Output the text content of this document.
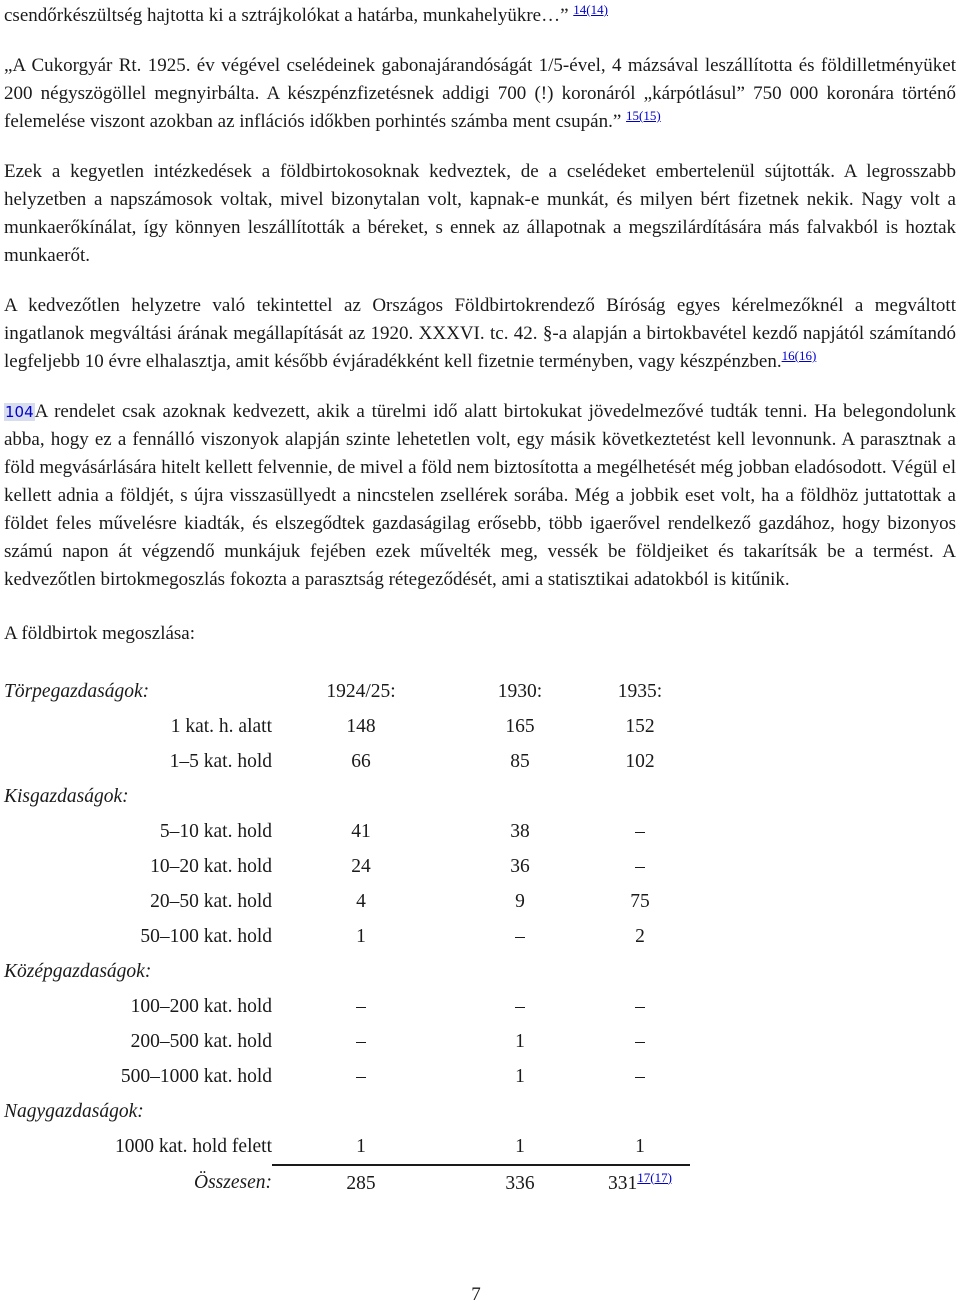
csendőrkészültség hajtotta ki a sztrájkolókat a határba, munkahelyükre…” $^{14(14)}$

„A Cukorgyár Rt. 1925. év végével cselédeinek gabonajárandóságát 1/5-ével, 4 mázsával leszállította és földilletményüket 200 négyszögöllel megnyirbálta. A készpénzfizetésnek addigi 700 (!) koronáról „kárpótlásul” 750 000 koronára történő felemelése viszont azokban az inflációs időkben porhintés számba ment csupán.” $^{15(15)}$

Ezek a kegyetlen intézkedések a földbirtokosoknak kedveztek, de a cselédeket embertelenül sújtották. A legrosszabb helyzetben a napszámosok voltak, mivel bizonytalan volt, kapnak-e munkát, és milyen bért fizetnek nekik. Nagy volt a munkaerőkínálat, így könnyen leszállították a béreket, s ennek az állapotnak a megszilárdítására más falvakból is hoztak munkaerőt.

A kedvezőtlen helyzetre való tekintettel az Országos Földbirtokrendező Bíróság egyes kérelmezőknél a megváltott ingatlanok megváltási árának megállapítását az 1920. XXXVI. tc. 42. §-a alapján a birtokbavétel kezdő napjától számítandó legfeljebb 10 évre elhalasztja, amit később évjáradékként kell fizetnie terményben, vagy készpénzben.$^{16(16)}$

104A rendelet csak azoknak kedvezett, akik a türelmi idő alatt birtokukat jövedelmezővé tudták tenni. Ha belegondolunk abba, hogy ez a fennálló viszonyok alapján szinte lehetetlen volt, egy másik következtetést kell levonnunk. A parasztnak a föld megvásárlására hitelt kellett felvennie, de mivel a föld nem biztosította a megélhetését még jobban eladósodott. Végül el kellett adnia a földjét, s újra visszasüllyedt a nincstelen zsellérek sorába. Még a jobbik eset volt, ha a földhöz juttatottak a földet feles művelésre kiadták, és elszegődtek gazdaságilag erősebb, több igaerővel rendelkező gazdához, hogy bizonyos számú napon át végzendő munkájuk fejében ezek művelték meg, vessék be földjeiket és takarítsák be a termést. A kedvezőtlen birtokmegoszlás fokozta a parasztság rétegeződését, ami a statisztikai adatokból is kitűnik.

A földbirtok megoszlása:

Törpegazdaságok:	1924/25:	1930:	1935:
1 kat. h. alatt	148	165	152
1–5 kat. hold	66	85	102
Kisgazdaságok:			
5–10 kat. hold	41	38	–
10–20 kat. hold	24	36	–
20–50 kat. hold	4	9	75
50–100 kat. hold	1	–	2
Középgazdaságok:			
100–200 kat. hold	–	–	–
200–500 kat. hold	–	1	–
500–1000 kat. hold	–	1	–
Nagygazdaságok:			
1000 kat. hold felett	1	1	1
Összesen:	285	336	331$^{17(17)}$
7
